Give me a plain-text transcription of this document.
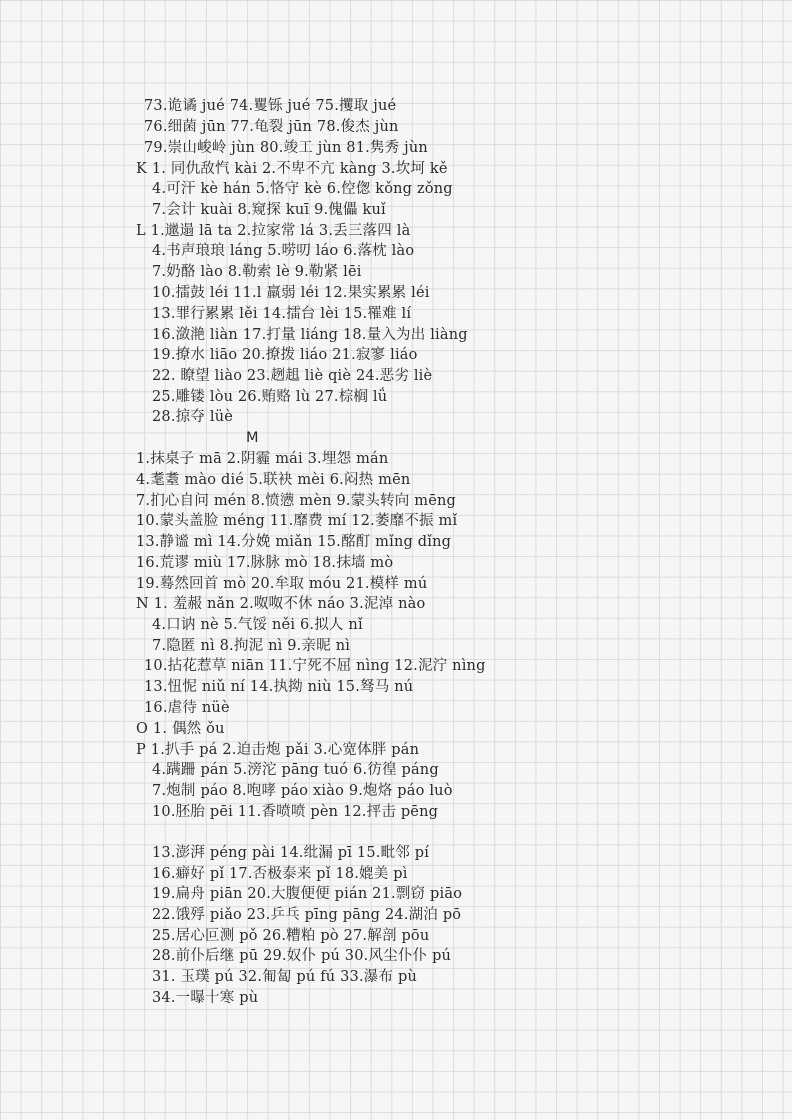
73.诡谲 jué 74.矍铄 jué 75.攫取 jué
76.细菌 jūn 77.龟裂 jūn 78.俊杰 jùn
79.崇山峻岭 jùn 80.竣工 jùn 81.隽秀 jùn
K 1. 同仇敌忾 kài 2.不卑不亢 kàng 3.坎坷 kě
4.可汗 kè hán 5.恪守 kè 6.倥偬 kǒng zǒng
7.会计 kuài 8.窥探 kuī 9.傀儡 kuǐ
L 1.邋遢 lā ta 2.拉家常 lá 3.丢三落四 là
4.书声琅琅 láng 5.唠叨 láo 6.落枕 lào
7.奶酪 lào 8.勒索 lè 9.勒紧 lēi
10.擂鼓 léi 11.l 羸弱 léi 12.果实累累 léi
13.罪行累累 lěi 14.擂台 lèi 15.罹难 lí
16.潋滟 liàn 17.打量 liáng 18.量入为出 liàng
19.撩水 liāo 20.撩拨 liáo 21.寂寥 liáo
22. 瞭望 liào 23.趔趄 liè qiè 24.恶劣 liè
25.雕镂 lòu 26.贿赂 lù 27.棕榈 lǘ
28.掠夺 lüè
M
1.抹桌子 mā 2.阴霾 mái 3.埋怨 mán
4.耄耋 mào dié 5.联袂 mèi 6.闷热 mēn
7.扪心自问 mén 8.愤懑 mèn 9.蒙头转向 mēng
10.蒙头盖脸 méng 11.靡费 mí 12.萎靡不振 mǐ
13.静谧 mì 14.分娩 miǎn 15.酩酊 mǐng dǐng
16.荒谬 miù 17.脉脉 mò 18.抹墙 mò
19.蓦然回首 mò 20.牟取 móu 21.模样 mú
N 1. 羞赧 nǎn 2.呶呶不休 náo 3.泥淖 nào
4.口讷 nè 5.气馁 něi 6.拟人 nǐ
7.隐匿 nì 8.拘泥 nì 9.亲昵 nì
10.拈花惹草 niān 11.宁死不屈 nìng 12.泥泞 nìng
13.忸怩 niǔ ní 14.执拗 niù 15.驽马 nú
16.虐待 nüè
O 1. 偶然 ǒu
P 1.扒手 pá 2.迫击炮 pǎi 3.心宽体胖 pán
4.蹒跚 pán 5.滂沱 pāng tuó 6.彷徨 páng
7.炮制 páo 8.咆哮 páo xiào 9.炮烙 páo luò
10.胚胎 pēi 11.香喷喷 pèn 12.抨击 pēng
13.澎湃 péng pài 14.纰漏 pī 15.毗邻 pí
16.癖好 pǐ 17.否极泰来 pǐ 18.媲美 pì
19.扁舟 piān 20.大腹便便 pián 21.剽窃 piāo
22.饿殍 piǎo 23.乒乓 pīng pāng 24.湖泊 pō
25.居心叵测 pǒ 26.糟粕 pò 27.解剖 pōu
28.前仆后继 pū 29.奴仆 pú 30.风尘仆仆 pú
31. 玉璞 pú 32.匍匐 pú fú 33.瀑布 pù
34.一曝十寒 pù
